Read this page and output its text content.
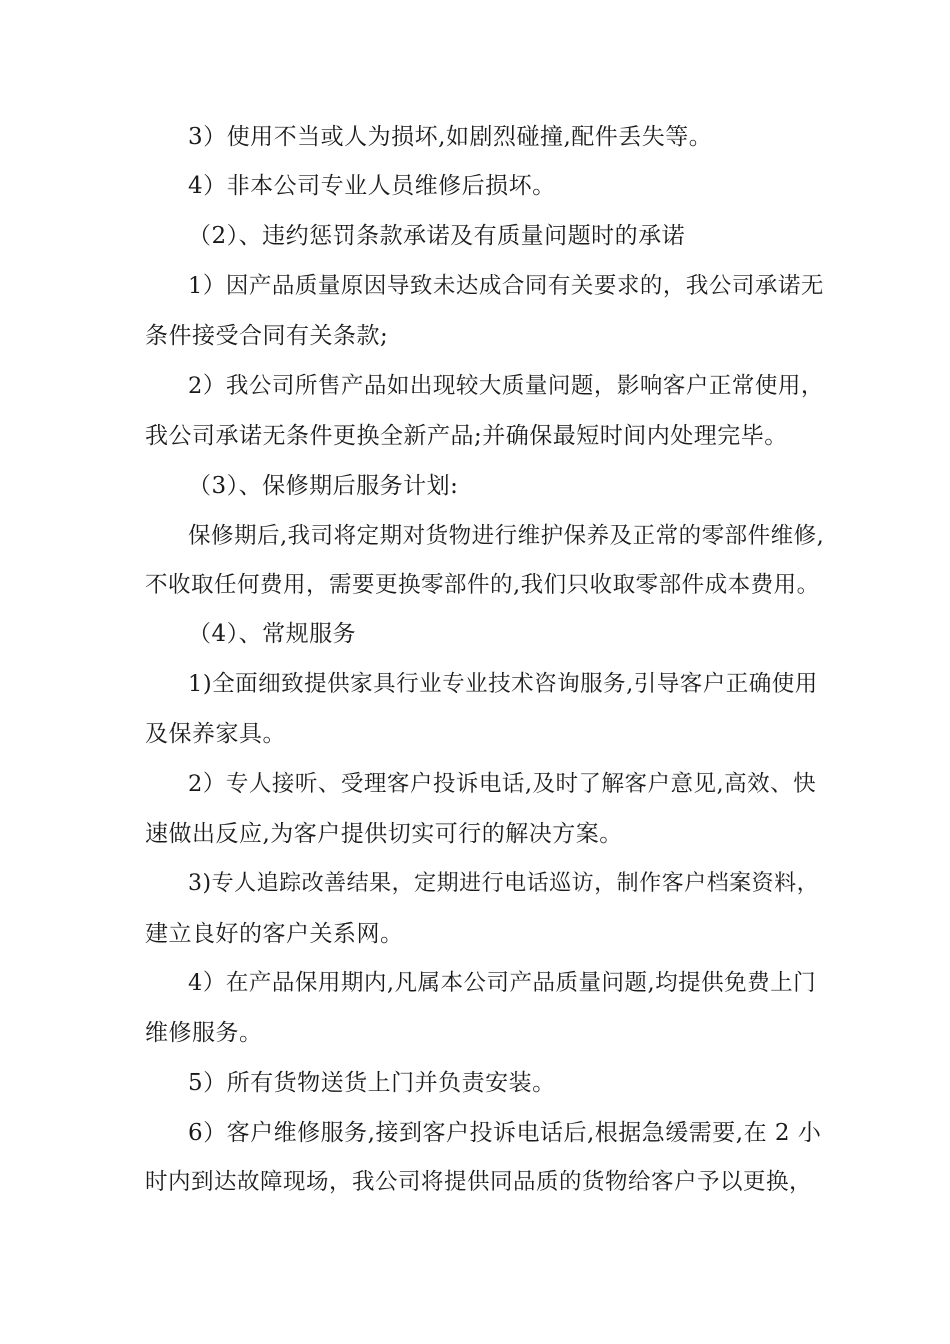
3）使用不当或人为损坏,如剧烈碰撞,配件丢失等。
4）非本公司专业人员维修后损坏。
（2）、违约惩罚条款承诺及有质量问题时的承诺
1）因产品质量原因导致未达成合同有关要求的，我公司承诺无
条件接受合同有关条款;
2）我公司所售产品如出现较大质量问题，影响客户正常使用，
我公司承诺无条件更换全新产品;并确保最短时间内处理完毕。
（3）、保修期后服务计划:
保修期后,我司将定期对货物进行维护保养及正常的零部件维修,
不收取任何费用，需要更换零部件的,我们只收取零部件成本费用。
（4）、常规服务
1)全面细致提供家具行业专业技术咨询服务,引导客户正确使用
及保养家具。
2）专人接听、受理客户投诉电话,及时了解客户意见,高效、快
速做出反应,为客户提供切实可行的解决方案。
3)专人追踪改善结果，定期进行电话巡访，制作客户档案资料，
建立良好的客户关系网。
4）在产品保用期内,凡属本公司产品质量问题,均提供免费上门
维修服务。
5）所有货物送货上门并负责安装。
6）客户维修服务,接到客户投诉电话后,根据急缓需要,在 2 小
时内到达故障现场，我公司将提供同品质的货物给客户予以更换，
